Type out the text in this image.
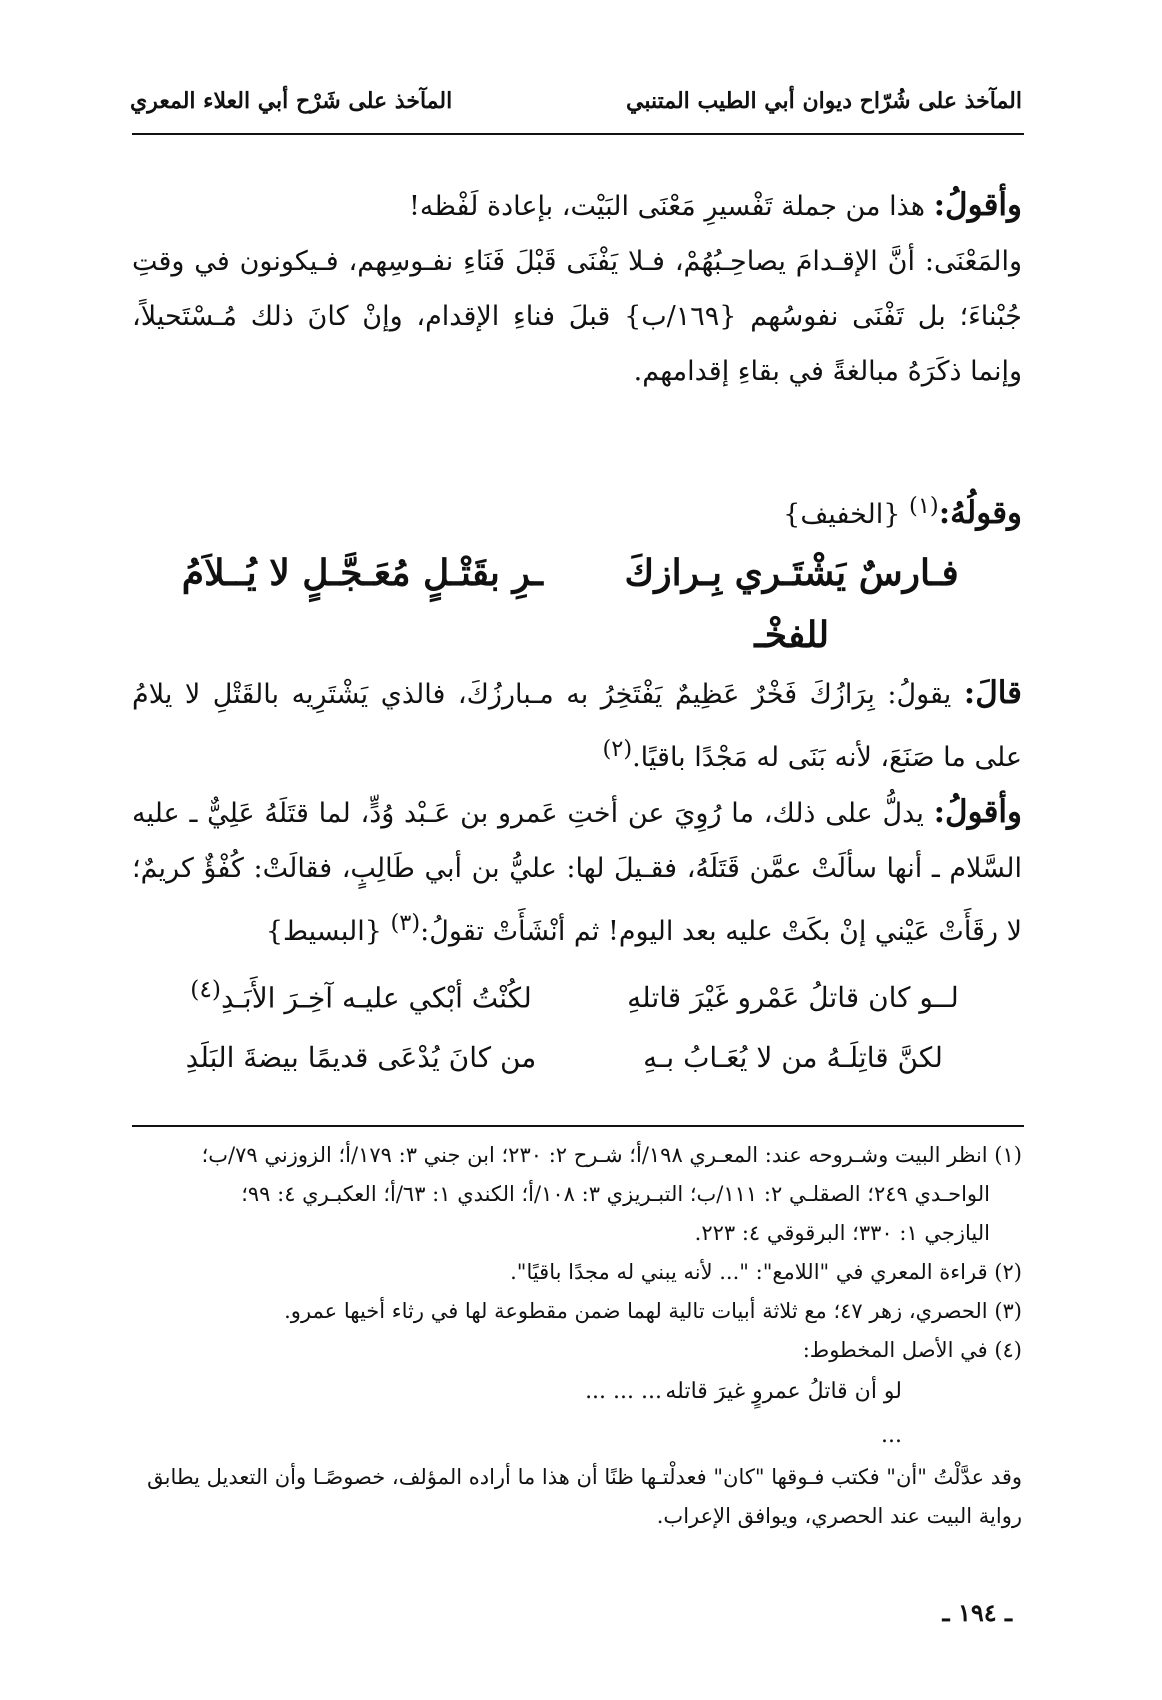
المآخذ على شُرّاح ديوان أبي الطيب المتنبي
المآخذ على شَرْح أبي العلاء المعري

وأقولُ: هذا من جملة تَفْسيرِ مَعْنَى البَيْت، بإعادة لَفْظه!

والمَعْنَى: أنَّ الإقـدامَ يصاحِـبُهُمْ، فـلا يَفْنَى قَبْلَ فَنَاءِ نفـوسِهم، فـيكونون في وقتِ جُبْناءَ؛ بل تَفْنَى نفوسُهم {١٦٩/ب} قبلَ فناءِ الإقدام، وإنْ كانَ ذلك مُـسْتَحيلاً، وإنما ذكَرَهُ مبالغةً في بقاءِ إقدامهم.

وقولُهُ:$^{(١)}$ {الخفيف}

فـارسٌ يَشْتَـري بِـرازكَ للفخْـ
ـرِ بقَتْـلٍ مُعَـجَّـلٍ لا يُــلاَمُ

قالَ: يقولُ: بِرَازُكَ فَخْرٌ عَظِيمٌ يَفْتَخِرُ به مـبارزُكَ، فالذي يَشْتَرِيه بالقَتْلِ لا يلامُ على ما صَنَعَ، لأنه بَنَى له مَجْدًا باقيًا.$^{(٢)}$

وأقولُ: يدلُّ على ذلك، ما رُوِيَ عن أختِ عَمرو بن عَـبْد وُدٍّ، لما قتَلَهُ عَلِيٌّ ـ عليه السَّلام ـ أنها سألَتْ عمَّن قَتَلَهُ، فقـيلَ لها: عليُّ بن أبي طَالِبٍ، فقالَتْ: كُفْؤٌ كريمٌ؛ لا رقَأَتْ عَيْني إنْ بكَتْ عليه بعد اليوم! ثم أنْشَأَتْ تقولُ:$^{(٣)}$ {البسيط}

لــو كان قاتلُ عَمْرو غَيْرَ قاتلهِ
لكُنْتُ أبْكي عليـه آخِـرَ الأَبَـدِ$^{(٤)}$
لكنَّ قاتِلَـهُ من لا يُعَـابُ بـهِ
من كانَ يُدْعَى قديمًا بيضةَ البَلَدِ

(١) انظر البيت وشـروحه عند: المعـري ١٩٨/أ؛ شـرح ٢: ٢٣٠؛ ابن جني ٣: ١٧٩/أ؛ الزوزني ٧٩/ب؛

الواحـدي ٢٤٩؛ الصقلـي ٢: ١١١/ب؛ التبـريزي ٣: ١٠٨/أ؛ الكندي ١: ٦٣/أ؛ العكبـري ٤: ٩٩؛

اليازجي ١: ٣٣٠؛ البرقوقي ٤: ٢٢٣.

(٢) قراءة المعري في "اللامع": "... لأنه يبني له مجدًا باقيًا".

(٣) الحصري، زهر ٤٧؛ مع ثلاثة أبيات تالية لهما ضمن مقطوعة لها في رثاء أخيها عمرو.

(٤) في الأصل المخطوط:

لو أن قاتلُ عمروٍ غيرَ قاتله ...
... ... ...

وقد عدَّلْتُ "أن" فكتب فـوقها "كان" فعدلْتـها ظنًا أن هذا ما أراده المؤلف، خصوصًـا وأن التعديل يطابق

رواية البيت عند الحصري، ويوافق الإعراب.

ـ ١٩٤ ـ
